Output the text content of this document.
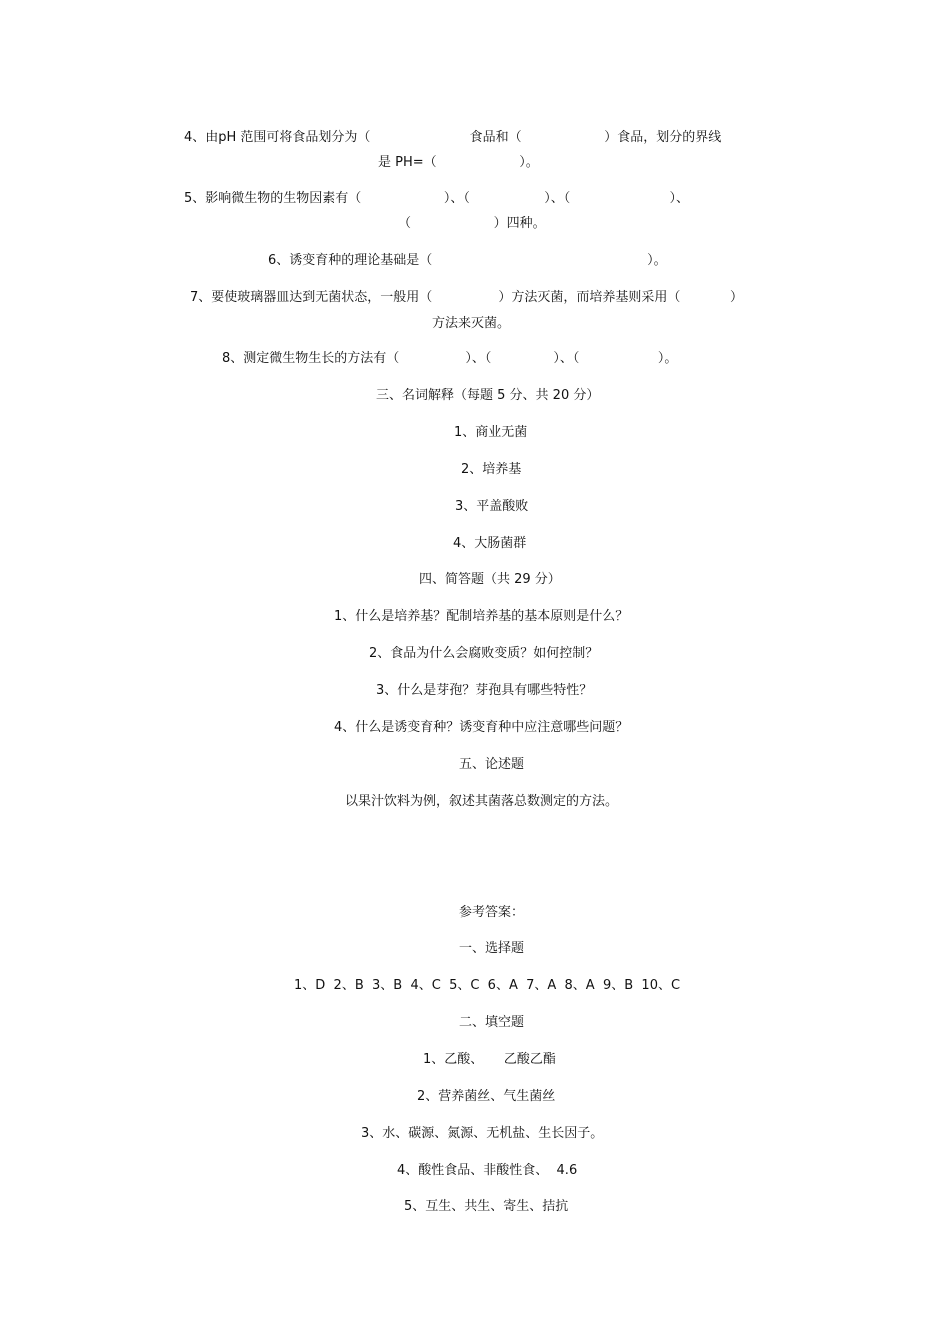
4、由pH 范围可将食品划分为（                        食品和（                    ）食品，划分的界线
是 PH=（                    ）。
5、影响微生物的生物因素有（                    ）、（                  ）、（                        ）、
（                    ）四种。
6、诱变育种的理论基础是（                                                    ）。
7、要使玻璃器皿达到无菌状态，一般用（                ）方法灭菌，而培养基则采用（            ）
方法来灭菌。
8、测定微生物生长的方法有（                ）、（               ）、（                   ）。
三、名词解释（每题 5 分、共 20 分）
1、商业无菌
2、培养基
3、平盖酸败
4、大肠菌群
四、简答题（共 29 分）
1、什么是培养基？配制培养基的基本原则是什么？
2、食品为什么会腐败变质？如何控制？
3、什么是芽孢？芽孢具有哪些特性？
4、什么是诱变育种？诱变育种中应注意哪些问题？
五、论述题
以果汁饮料为例，叙述其菌落总数测定的方法。
参考答案：
一、选择题
1、D  2、B  3、B  4、C  5、C  6、A  7、A  8、A  9、B  10、C
二、填空题
1、乙酸、     乙酸乙酯
2、营养菌丝、气生菌丝
3、水、碳源、氮源、无机盐、生长因子。
4、酸性食品、非酸性食、  4.6
5、互生、共生、寄生、拮抗
